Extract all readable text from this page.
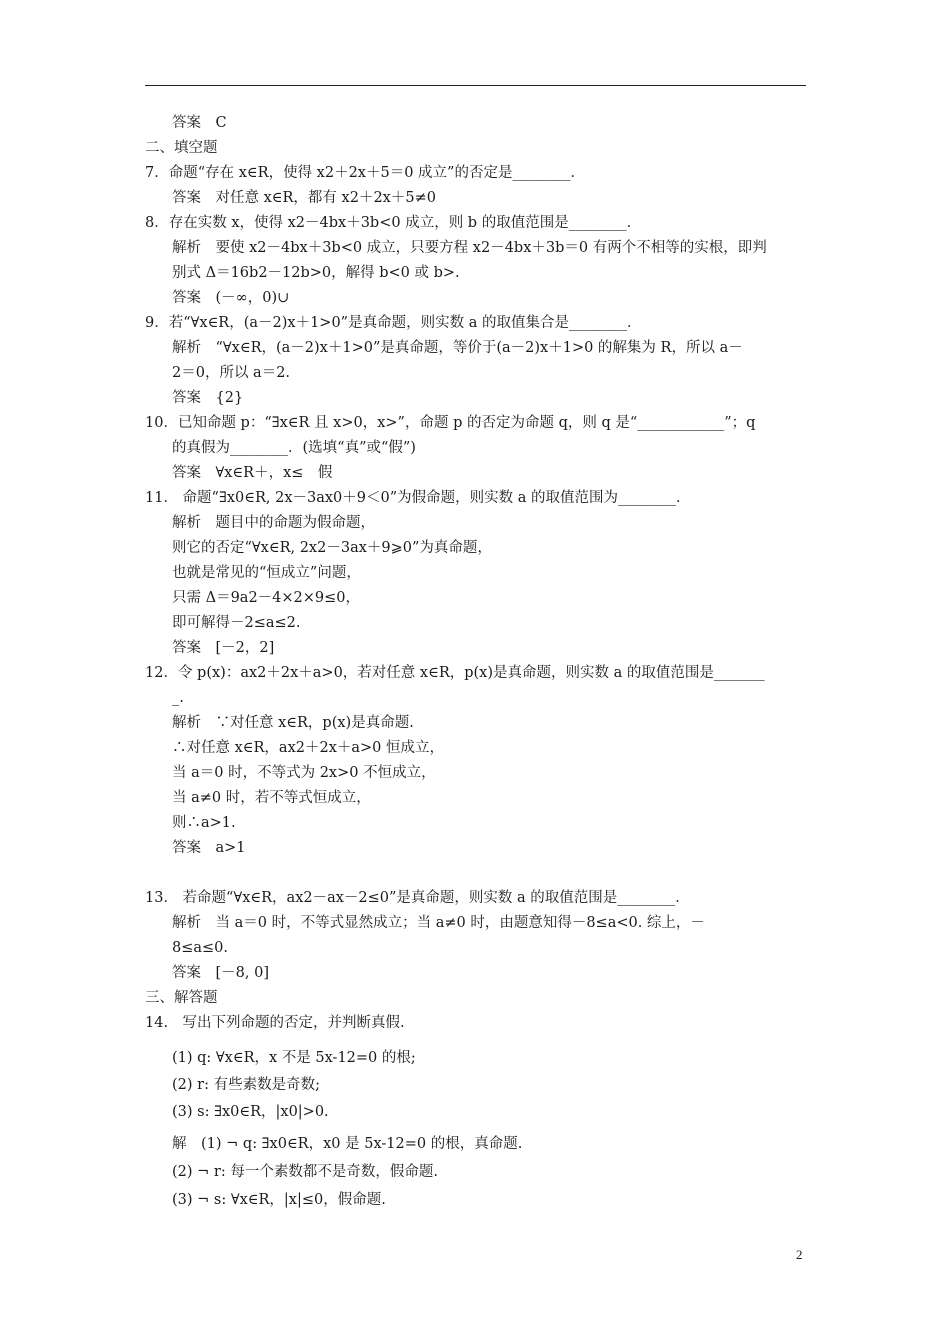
答案　C
二、填空题
7．命题“存在 x∈R，使得 x2＋2x＋5＝0 成立”的否定是________．
答案　对任意 x∈R，都有 x2＋2x＋5≠0
8．存在实数 x，使得 x2－4bx＋3b<0 成立，则 b 的取值范围是________．
解析　要使 x2－4bx＋3b<0 成立，只要方程 x2－4bx＋3b＝0 有两个不相等的实根，即判
别式 Δ＝16b2－12b>0，解得 b<0 或 b>.
答案　(－∞，0)∪
9．若“∀x∈R，(a－2)x＋1>0”是真命题，则实数 a 的取值集合是________．
解析　“∀x∈R，(a－2)x＋1>0”是真命题，等价于(a－2)x＋1>0 的解集为 R，所以 a－
2＝0，所以 a＝2.
答案　{2}
10．已知命题 p：“∃x∈R 且 x>0，x>”，命题 p 的否定为命题 q，则 q 是“____________”；q
的真假为________．(选填“真”或“假”)
答案　∀x∈R＋，x≤　假
11． 命题“∃x0∈R, 2x－3ax0＋9＜0”为假命题，则实数 a 的取值范围为________．
解析　题目中的命题为假命题，
则它的否定“∀x∈R, 2x2－3ax＋9⩾0”为真命题，
也就是常见的“恒成立”问题，
只需 Δ＝9a2－4×2×9≤0，
即可解得－2≤a≤2.
答案　[－2，2]
12．令 p(x)：ax2＋2x＋a>0，若对任意 x∈R，p(x)是真命题，则实数 a 的取值范围是_______
_.
解析　∵对任意 x∈R，p(x)是真命题.
∴对任意 x∈R，ax2＋2x＋a>0 恒成立，
当 a＝0 时，不等式为 2x>0 不恒成立，
当 a≠0 时，若不等式恒成立，
则∴a>1.
答案　a>1
13． 若命题“∀x∈R，ax2－ax－2≤0”是真命题，则实数 a 的取值范围是________．
解析　当 a＝0 时，不等式显然成立；当 a≠0 时，由题意知得－8≤a<0. 综上，－
8≤a≤0.
答案　[－8, 0]
三、解答题
14.　写出下列命题的否定，并判断真假.
(1) q: ∀x∈R，x 不是 5x-12=0 的根;
(2) r: 有些素数是奇数;
(3) s: ∃x0∈R，|x0|>0.
解　(1) ¬ q: ∃x0∈R，x0 是 5x-12=0 的根，真命题.
(2) ¬ r: 每一个素数都不是奇数，假命题.
(3) ¬ s: ∀x∈R，|x|≤0，假命题.
2
